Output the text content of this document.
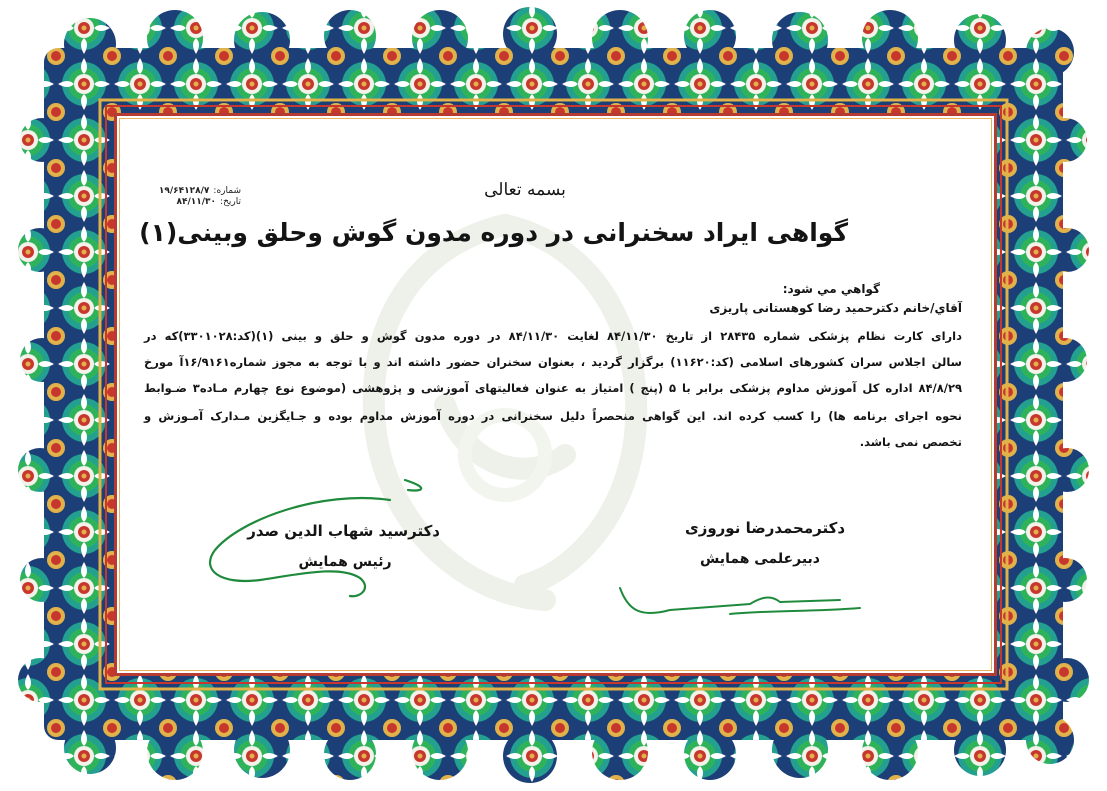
شماره:۱۹/۶۴۱۲۸/۷
تاریخ:۸۴/۱۱/۳۰
بسمه تعالی
گواهی ایراد سخنرانی در دوره مدون گوش وحلق وبینی(۱)
گواهي مي شود:
آقاي/خانم دکترحمید رضا کوهستانی پاریزی
دارای کارت نظام پزشکی شماره ۲۸۴۳۵ از تاریخ ۸۴/۱۱/۳۰ لغایت ۸۴/۱۱/۳۰ در دوره مدون گوش و حلق و بینی (۱)(کد:۳۳۰۱۰۲۸)که در
سالن اجلاس سران کشورهای اسلامی (کد:۱۱۶۲۰) برگزار گردید ، بعنوان سخنران حضور داشته اند و با توجه به مجوز شماره۱۶/۹۱۶۱آ مورخ
۸۴/۸/۲۹ اداره کل آموزش مداوم پزشکی برابر با ۵ (پنج ) امتیاز به عنوان فعالیتهای آموزشی و پژوهشی (موضوع نوع چهارم مـاده۳ ضـوابط
نحوه اجرای برنامه ها) را کسب کرده اند. این گواهی منحصراً دلیل سخنرانی در دوره آموزش مداوم بوده و جـایگزین مـدارک آمـوزش و
تخصص نمی باشد.
دکترسید شهاب الدین صدر
رئیس همایش
دکترمحمدرضا نوروزی
دبیرعلمی همایش
